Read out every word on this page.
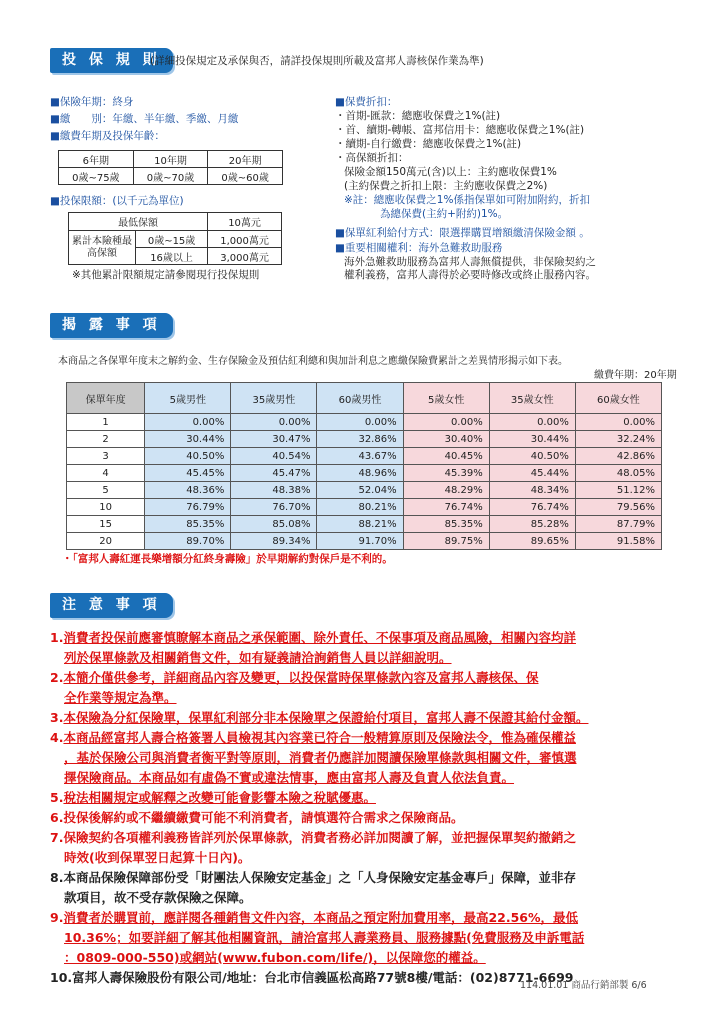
投 保 規 則
(詳細投保規定及承保與否，請詳投保規則所載及富邦人壽核保作業為準)
■保險年期：終身
■繳　　別：年繳、半年繳、季繳、月繳
■繳費年期及投保年齡：
6年期	10年期	20年期
0歲~75歲	0歲~70歲	0歲~60歲
■投保限額：(以千元為單位)
最低保額		10萬元
累計本險種最高保額	0歲~15歲	1,000萬元
	16歲以上	3,000萬元
※其他累計限額規定請參閱現行投保規則
■保費折扣：
・首期-匯款：總應收保費之1%(註)
・首、續期-轉帳、富邦信用卡：總應收保費之1%(註)
・續期-自行繳費：總應收保費之1%(註)
・高保額折扣：
保險金額150萬元(含)以上：主約應收保費1%
(主約保費之折扣上限：主約應收保費之2%)
※註：總應收保費之1%係指保單如可附加附約，折扣
為總保費(主約+附約)1%。
■保單紅利給付方式：限選擇購買增額繳清保險金額 。
■重要相關權利：海外急難救助服務
海外急難救助服務為富邦人壽無償提供，非保險契約之
權利義務，富邦人壽得於必要時修改或終止服務內容。
揭 露 事 項
本商品之各保單年度末之解約金、生存保險金及預估紅利總和與加計利息之應繳保險費累計之差異情形揭示如下表。
繳費年期：20年期
保單年度	5歲男性	35歲男性	60歲男性	5歲女性	35歲女性	60歲女性
1	0.00%	0.00%	0.00%	0.00%	0.00%	0.00%
2	30.44%	30.47%	32.86%	30.40%	30.44%	32.24%
3	40.50%	40.54%	43.67%	40.45%	40.50%	42.86%
4	45.45%	45.47%	48.96%	45.39%	45.44%	48.05%
5	48.36%	48.38%	52.04%	48.29%	48.34%	51.12%
10	76.79%	76.70%	80.21%	76.74%	76.74%	79.56%
15	85.35%	85.08%	88.21%	85.35%	85.28%	87.79%
20	89.70%	89.34%	91.70%	89.75%	89.65%	91.58%
・「富邦人壽紅運長樂增額分紅終身壽險」於早期解約對保戶是不利的。
注 意 事 項
1.消費者投保前應審慎瞭解本商品之承保範圍、除外責任、不保事項及商品風險，相關內容均詳
列於保單條款及相關銷售文件，如有疑義請洽詢銷售人員以詳細說明。
2.本簡介僅供參考，詳細商品內容及變更，以投保當時保單條款內容及富邦人壽核保、保
全作業等規定為準。
3.本保險為分紅保險單，保單紅利部分非本保險單之保證給付項目，富邦人壽不保證其給付金額。
4.本商品經富邦人壽合格簽署人員檢視其內容業已符合一般精算原則及保險法令，惟為確保權益
，基於保險公司與消費者衡平對等原則，消費者仍應詳加閱讀保險單條款與相關文件，審慎選
擇保險商品。本商品如有虛偽不實或違法情事，應由富邦人壽及負責人依法負責。
5.稅法相關規定或解釋之改變可能會影響本險之稅賦優惠。
6.投保後解約或不繼續繳費可能不利消費者，請慎選符合需求之保險商品。
7.保險契約各項權利義務皆詳列於保單條款，消費者務必詳加閱讀了解，並把握保單契約撤銷之
時效(收到保單翌日起算十日內)。
8.本商品保險保障部份受「財團法人保險安定基金」之「人身保險安定基金專戶」保障，並非存
款項目，故不受存款保險之保障。
9.消費者於購買前，應詳閱各種銷售文件內容，本商品之預定附加費用率，最高22.56%，最低
10.36%；如要詳細了解其他相關資訊，請洽富邦人壽業務員、服務據點(免費服務及申訴電話
：0809-000-550)或網站(www.fubon.com/life/)，以保障您的權益。
10.富邦人壽保險股份有限公司/地址：台北市信義區松高路77號8樓/電話：(02)8771-6699
114.01.01 商品行銷部製 6/6
